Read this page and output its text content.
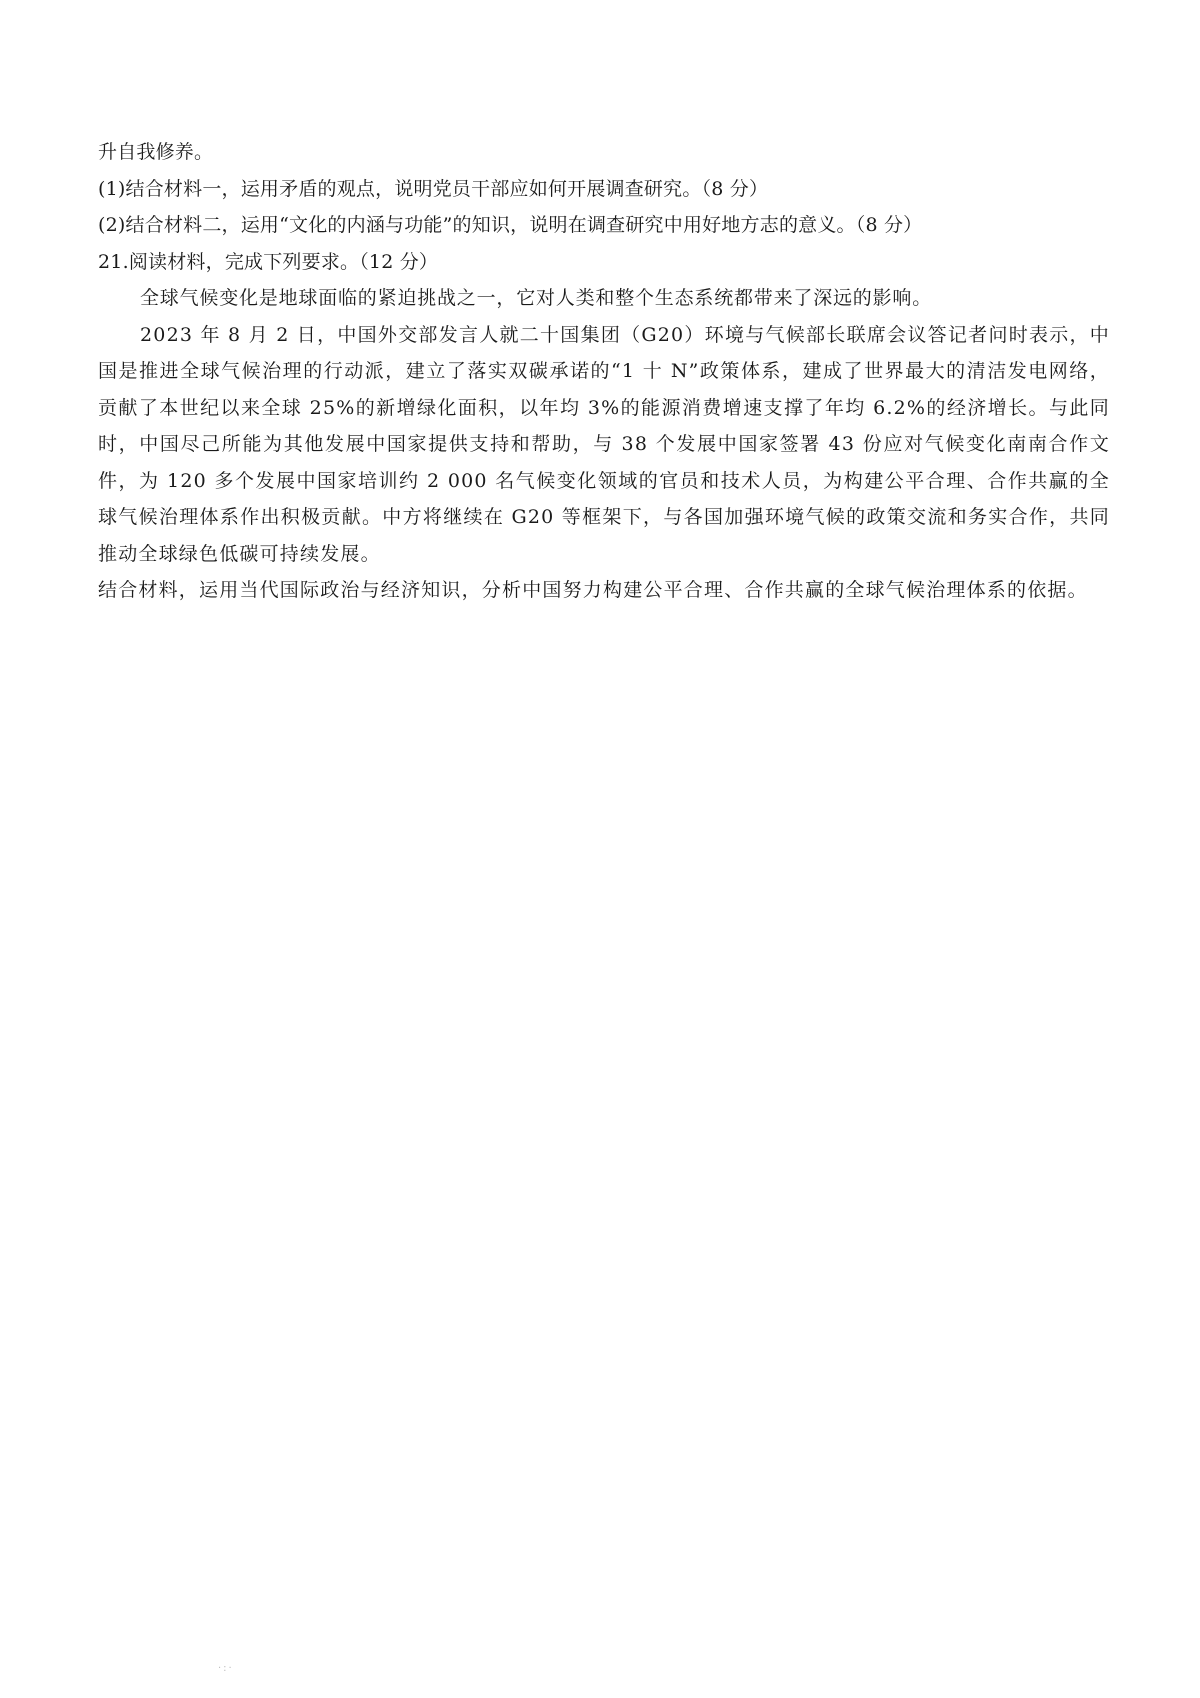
升自我修养。
(1)结合材料一，运用矛盾的观点，说明党员干部应如何开展调查研究。（8 分）
(2)结合材料二，运用“文化的内涵与功能”的知识，说明在调查研究中用好地方志的意义。（8 分）
21.阅读材料，完成下列要求。（12 分）

全球气候变化是地球面临的紧迫挑战之一，它对人类和整个生态系统都带来了深远的影响。

2023 年 8 月 2 日，中国外交部发言人就二十国集团（G20）环境与气候部长联席会议答记者问时表示，中国是推进全球气候治理的行动派，建立了落实双碳承诺的“1 十 N”政策体系，建成了世界最大的清洁发电网络，贡献了本世纪以来全球 25%的新增绿化面积，以年均 3%的能源消费增速支撑了年均 6.2%的经济增长。与此同时，中国尽己所能为其他发展中国家提供支持和帮助，与 38 个发展中国家签署 43 份应对气候变化南南合作文件，为 120 多个发展中国家培训约 2 000 名气候变化领域的官员和技术人员，为构建公平合理、合作共赢的全球气候治理体系作出积极贡献。中方将继续在 G20 等框架下，与各国加强环境气候的政策交流和务实合作，共同推动全球绿色低碳可持续发展。

结合材料，运用当代国际政治与经济知识，分析中国努力构建公平合理、合作共赢的全球气候治理体系的依据。

·:·
